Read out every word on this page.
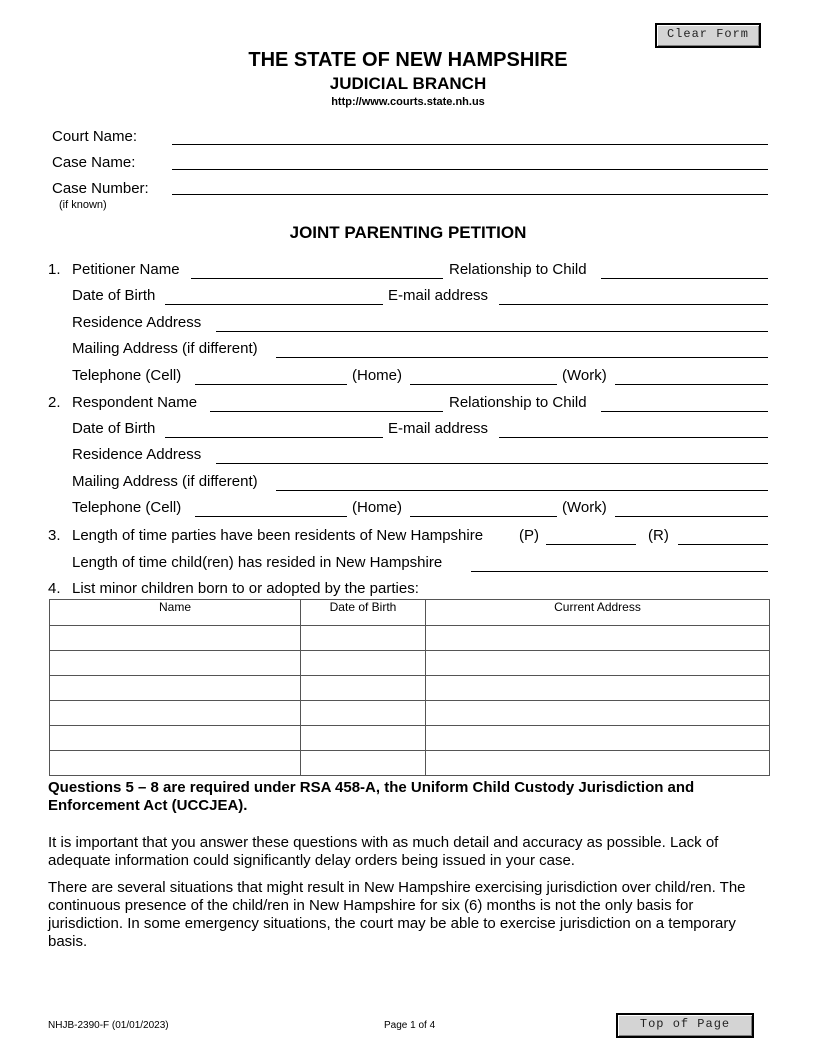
Clear Form
THE STATE OF NEW HAMPSHIRE
JUDICIAL BRANCH
http://www.courts.state.nh.us
Court Name:
Case Name:
Case Number:
(if known)
JOINT PARENTING PETITION
1. Petitioner Name	Relationship to Child
Date of Birth	E-mail address
Residence Address
Mailing Address (if different)
Telephone (Cell)	(Home)	(Work)
2. Respondent Name	Relationship to Child
Date of Birth	E-mail address
Residence Address
Mailing Address (if different)
Telephone (Cell)	(Home)	(Work)
3. Length of time parties have been residents of New Hampshire (P)	(R)
Length of time child(ren) has resided in New Hampshire
4. List minor children born to or adopted by the parties:
Name	Date of Birth	Current Address

Questions 5 – 8 are required under RSA 458-A, the Uniform Child Custody Jurisdiction and Enforcement Act (UCCJEA).
It is important that you answer these questions with as much detail and accuracy as possible. Lack of adequate information could significantly delay orders being issued in your case.
There are several situations that might result in New Hampshire exercising jurisdiction over child/ren. The continuous presence of the child/ren in New Hampshire for six (6) months is not the only basis for jurisdiction. In some emergency situations, the court may be able to exercise jurisdiction on a temporary basis.
NHJB-2390-F (01/01/2023)	Page 1 of 4	Top of Page
